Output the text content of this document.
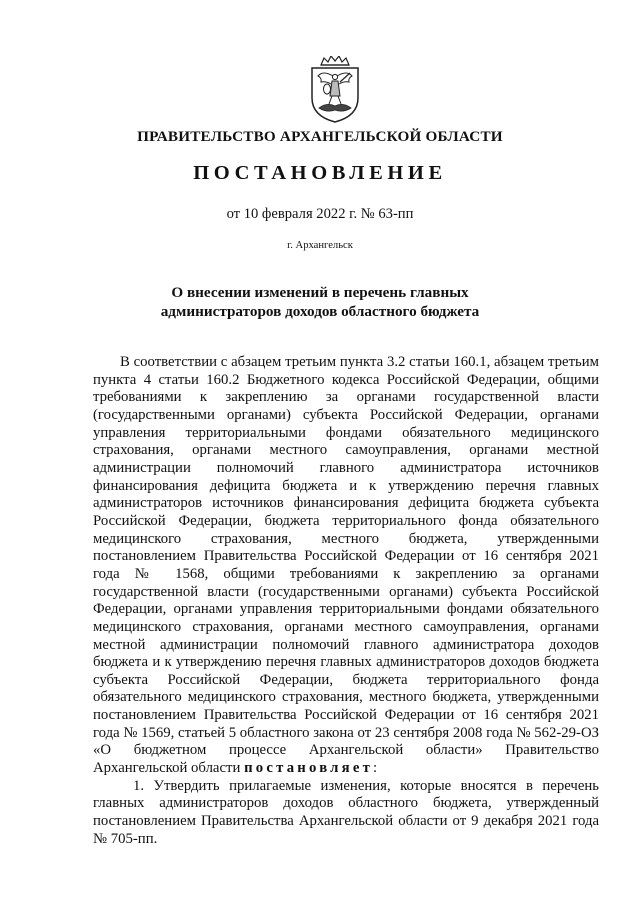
ПРАВИТЕЛЬСТВО АРХАНГЕЛЬСКОЙ ОБЛАСТИ
ПОСТАНОВЛЕНИЕ
от 10 февраля 2022 г. № 63-пп
г. Архангельск
О внесении изменений в перечень главных
администраторов доходов областного бюджета

В соответствии с абзацем третьим пункта 3.2 статьи 160.1, абзацем третьим пункта 4 статьи 160.2 Бюджетного кодекса Российской Федерации, общими требованиями к закреплению за органами государственной власти (государственными органами) субъекта Российской Федерации, органами управления территориальными фондами обязательного медицинского страхования, органами местного самоуправления, органами местной администрации полномочий главного администратора источников финансирования дефицита бюджета и к утверждению перечня главных администраторов источников финансирования дефицита бюджета субъекта Российской Федерации, бюджета территориального фонда обязательного медицинского страхования, местного бюджета, утвержденными постановлением Правительства Российской Федерации от 16 сентября 2021 года № 1568, общими требованиями к закреплению за органами государственной власти (государственными органами) субъекта Российской Федерации, органами управления территориальными фондами обязательного медицинского страхования, органами местного самоуправления, органами местной администрации полномочий главного администратора доходов бюджета и к утверждению перечня главных администраторов доходов бюджета субъекта Российской Федерации, бюджета территориального фонда обязательного медицинского страхования, местного бюджета, утвержденными постановлением Правительства Российской Федерации от 16 сентября 2021 года № 1569, статьей 5 областного закона от 23 сентября 2008 года № 562-29-ОЗ «О бюджетном процессе Архангельской области» Правительство Архангельской области постановляет:

1. Утвердить прилагаемые изменения, которые вносятся в перечень главных администраторов доходов областного бюджета, утвержденный постановлением Правительства Архангельской области от 9 декабря 2021 года № 705-пп.
